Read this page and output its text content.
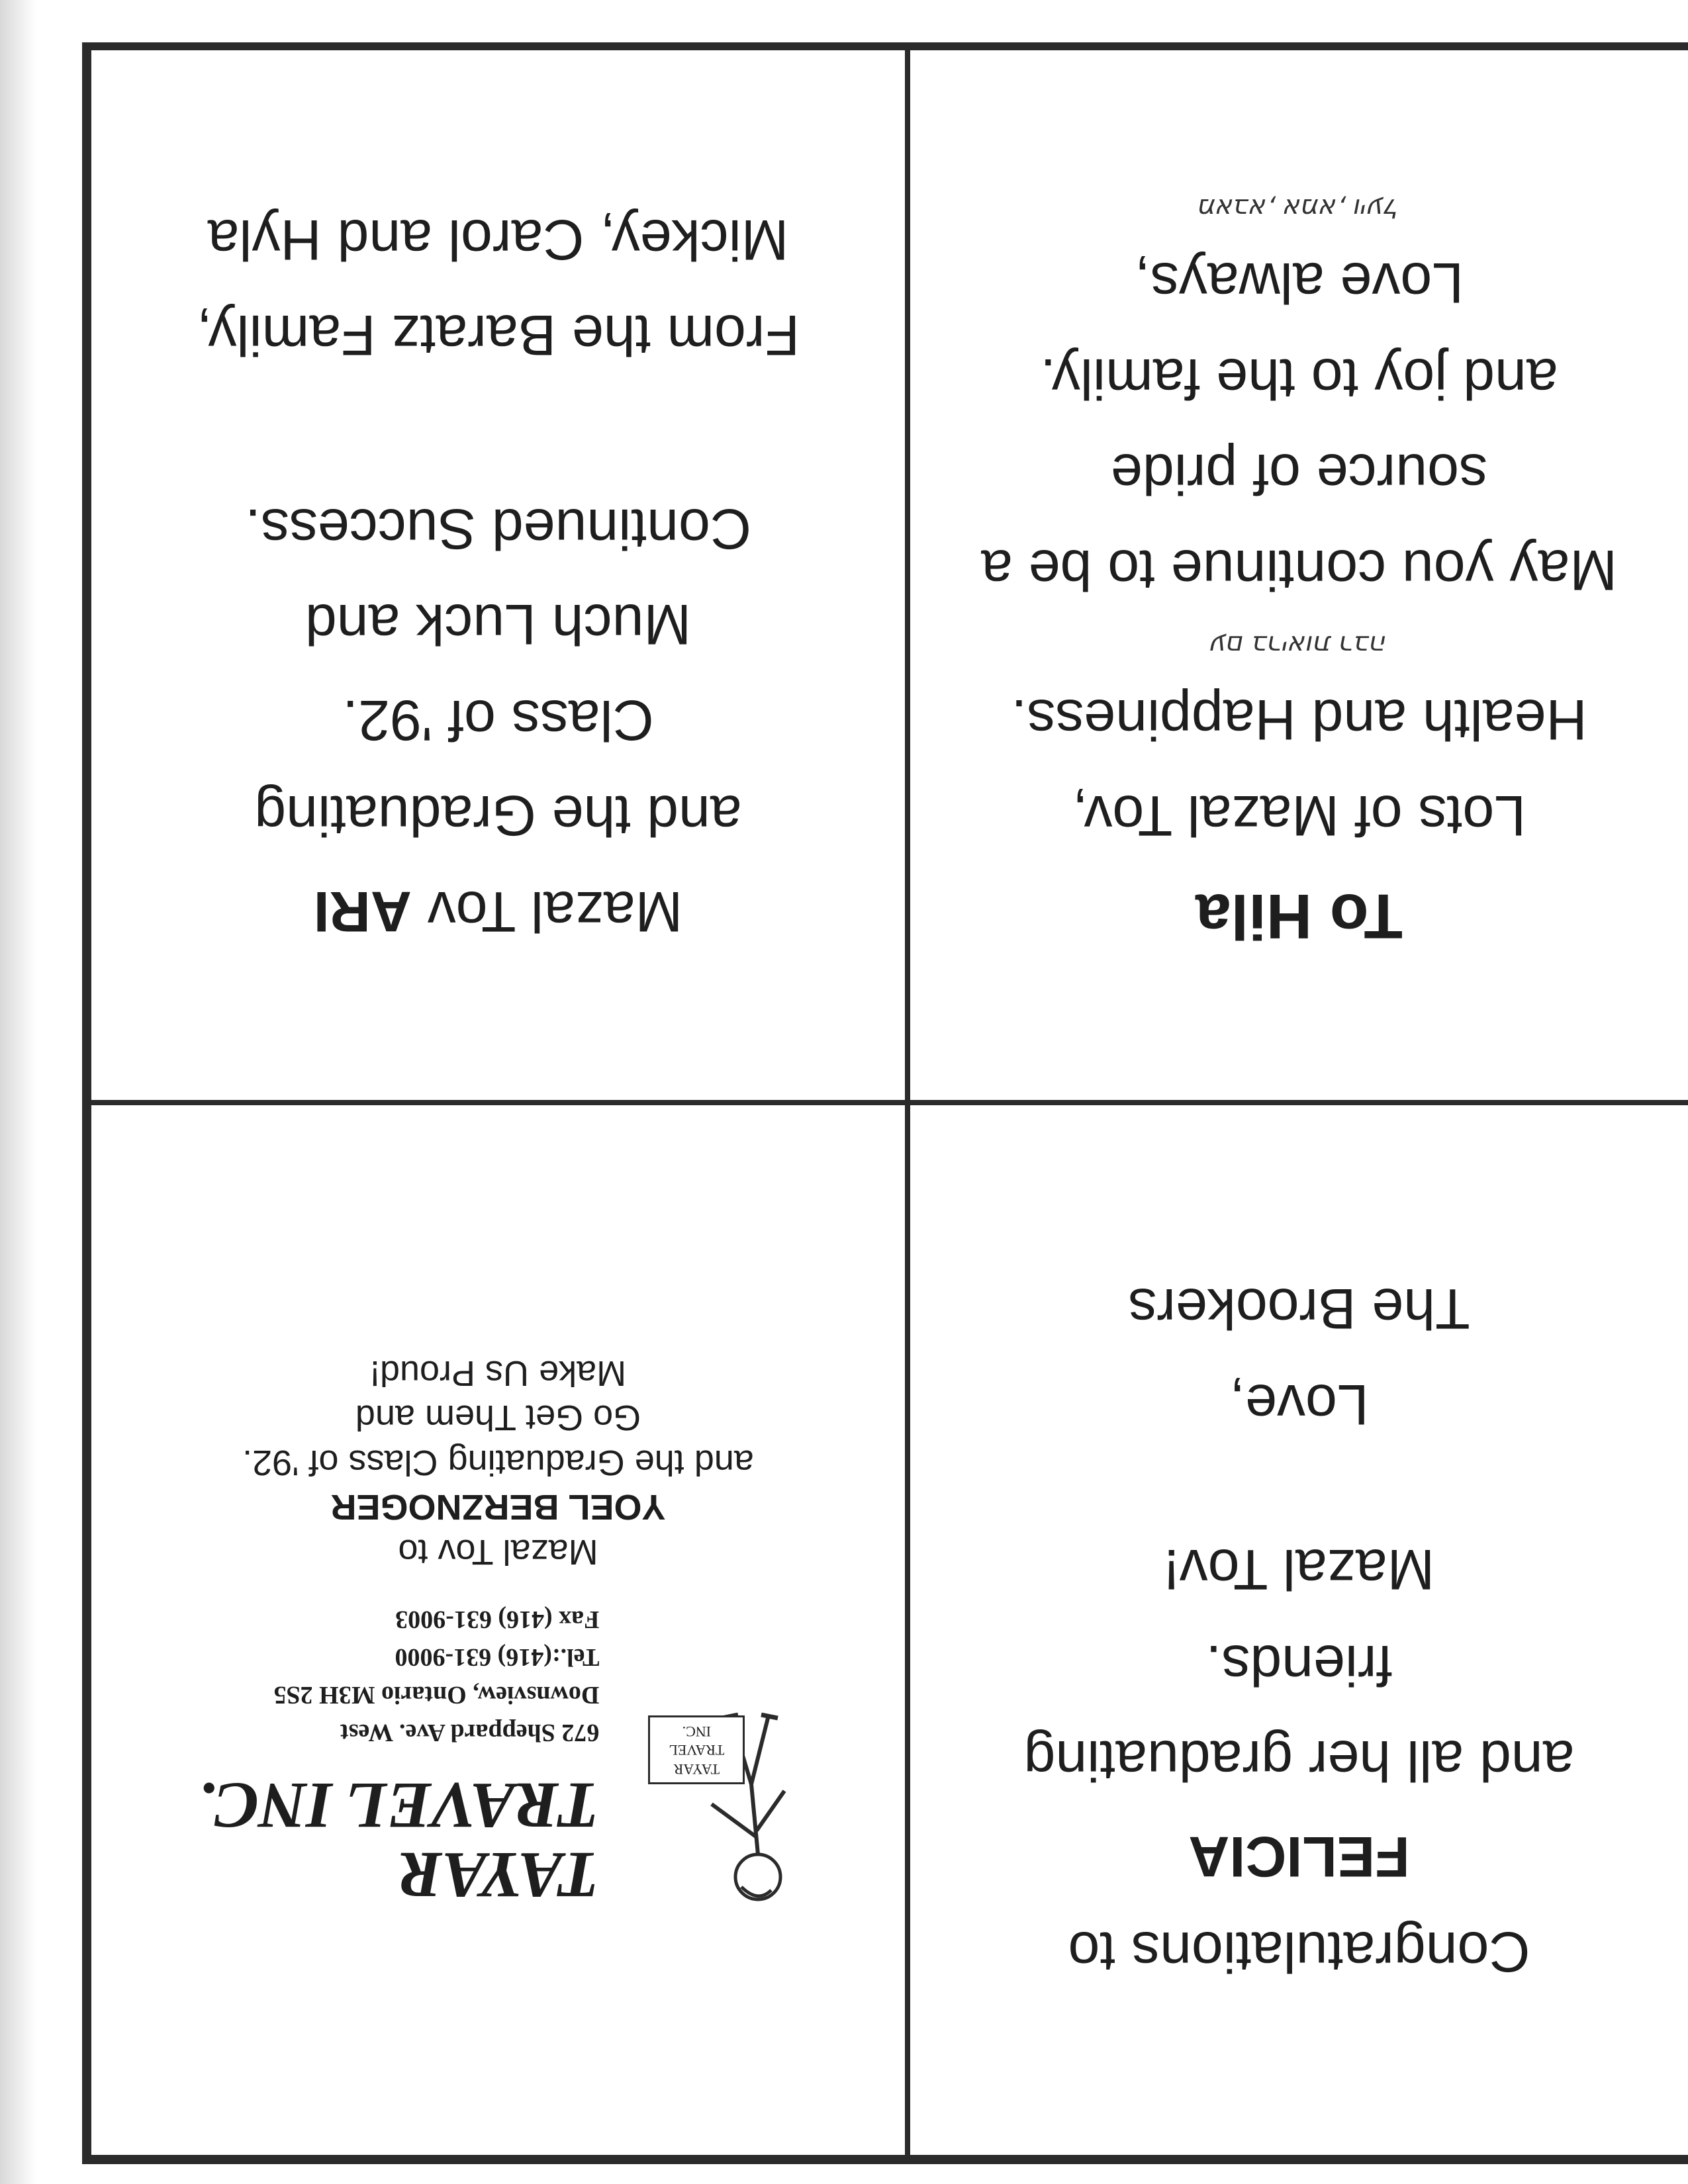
Mazal Tov ARI
and the Graduating
Class of '92.
Much Luck and
Continued Success.
From the Baratz Family,
Mickey, Carol and Hyla
To Hila
Lots of Mazal Tov,
Health and Happiness.
עם בריאות רבה
May you continue to be a
source of pride
and joy to the family.
Love always,
מאבא, אמא, ויעל
TAYAR
TRAVEL
INC.
TAYAR
TRAVEL INC.
672 Sheppard Ave. West
Downsview, Ontario M3H 2S5
Tel.:(416) 631-9000
Fax (416) 631-9003
Mazal Tov to
YOEL BERZNOGER
and the Graduating Class of '92.
Go Get Them and
Make Us Proud!
Congratulations to
FELICIA
and all her graduating
friends.
Mazal Tov!
Love,
The Brookers
